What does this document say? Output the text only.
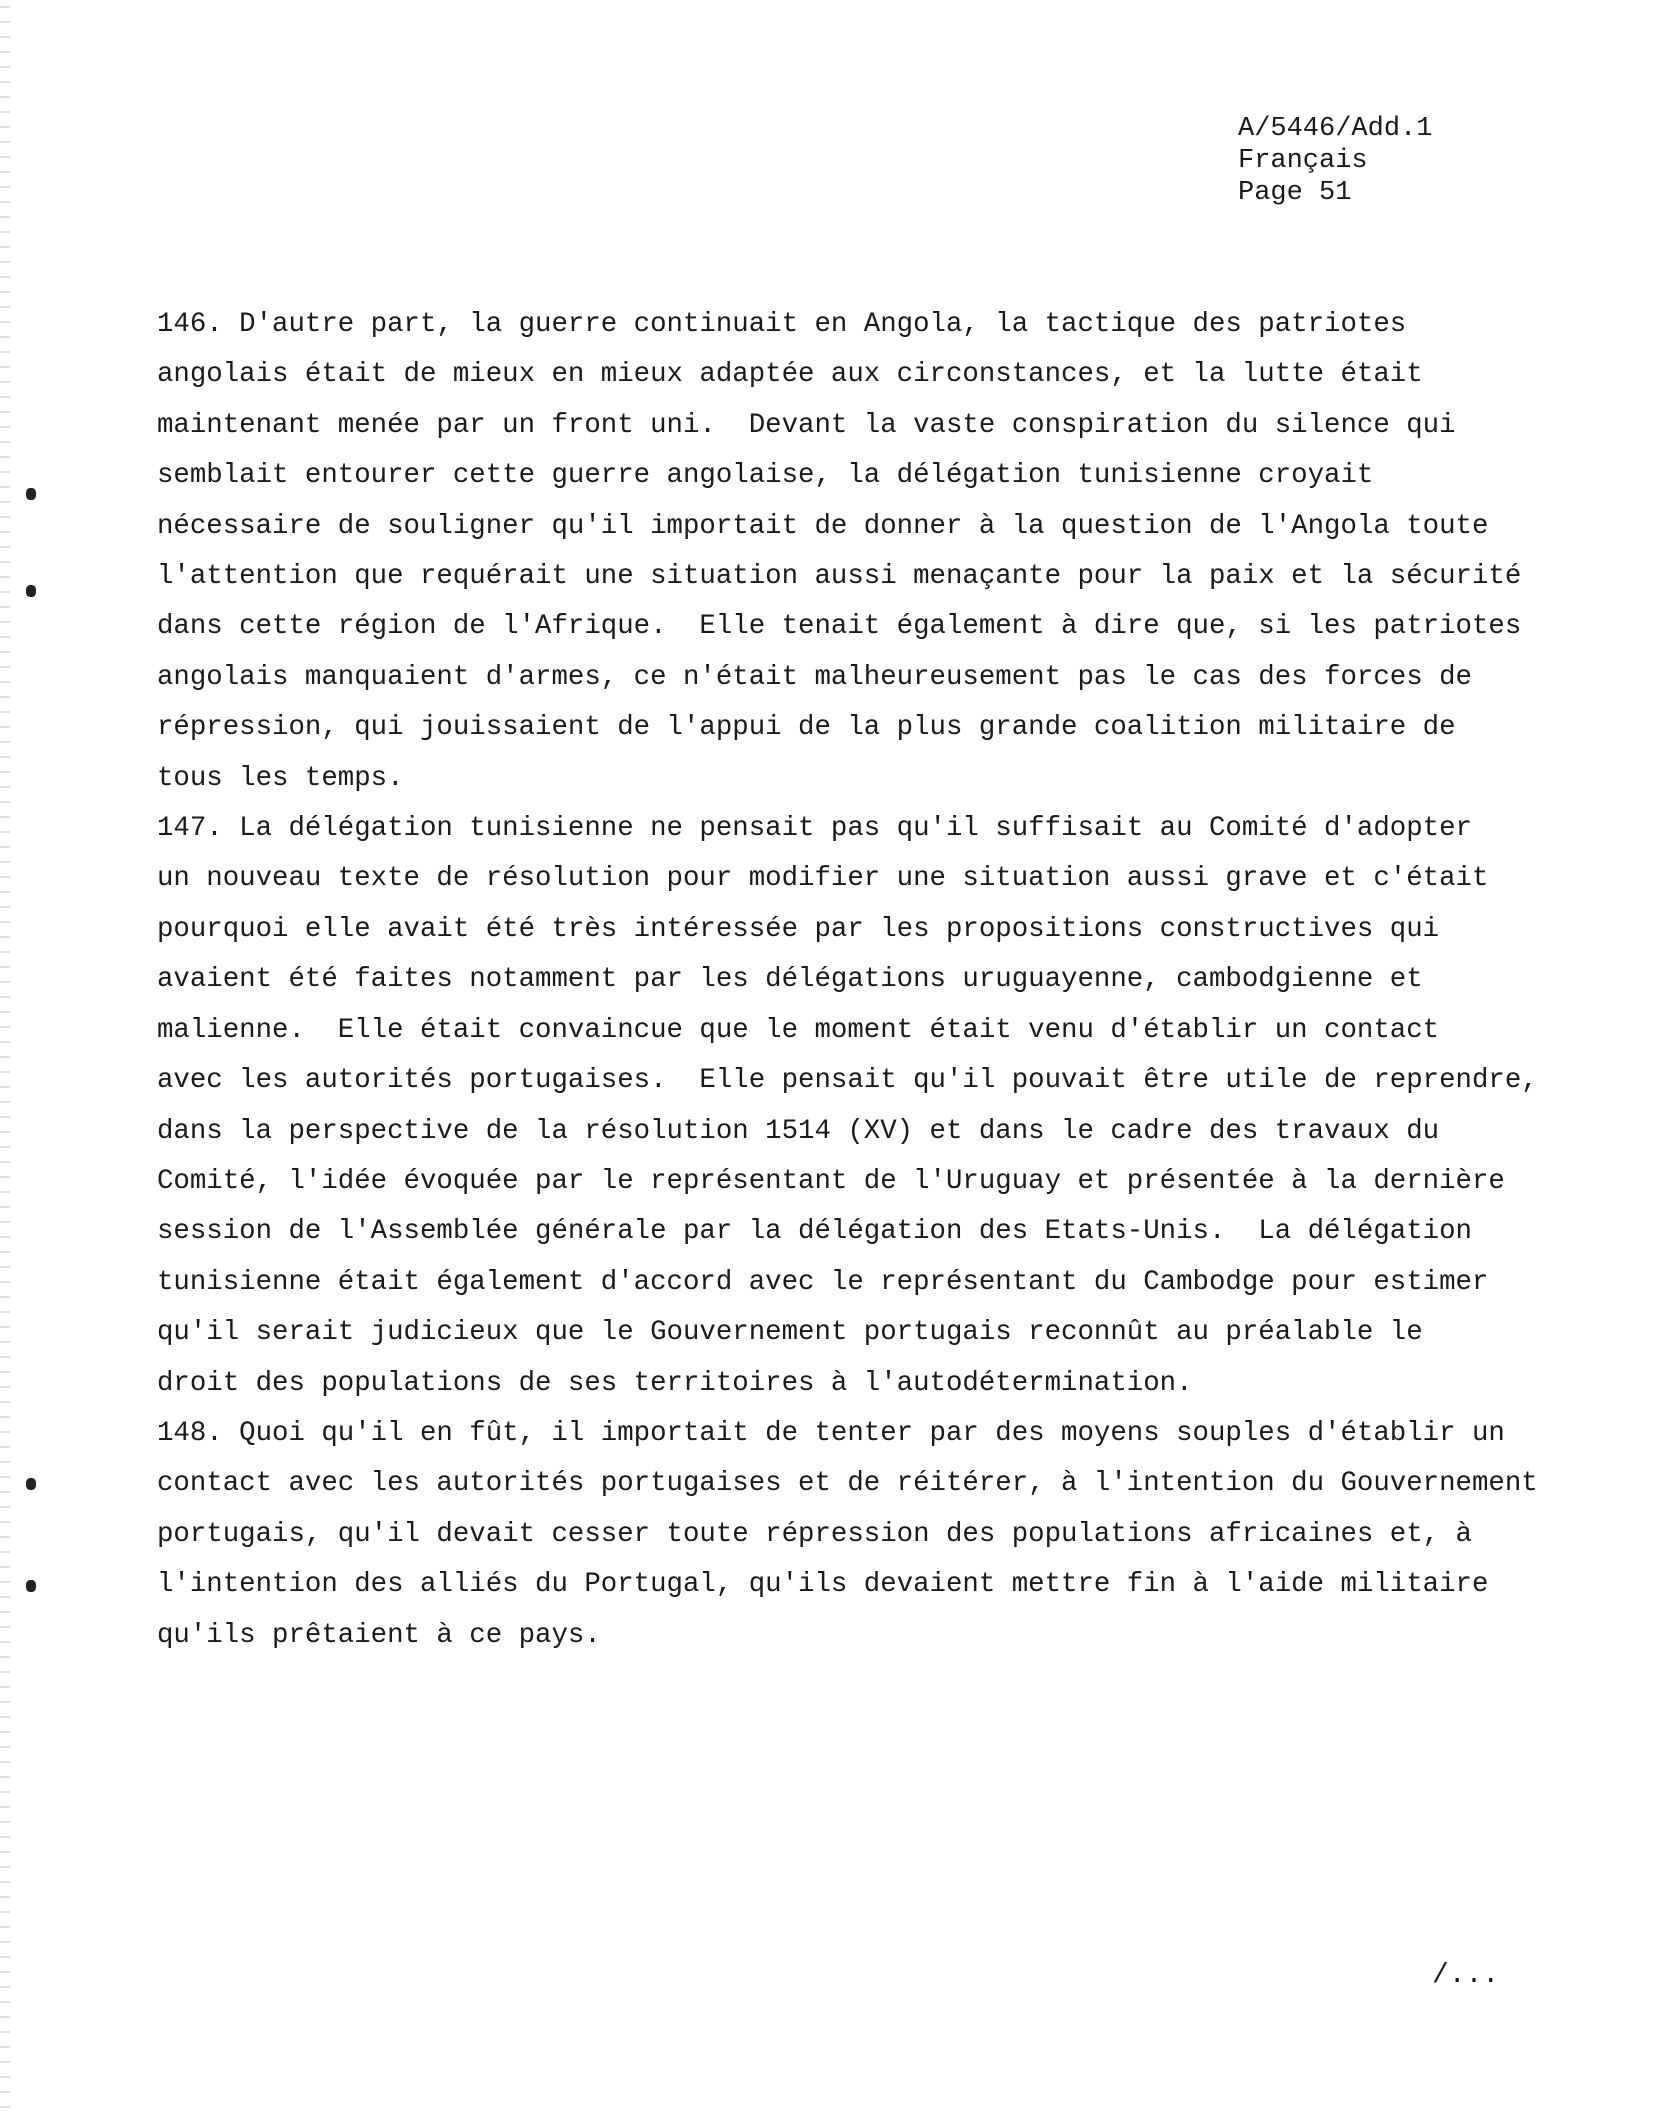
A/5446/Add.1
Français
Page 51
146. D'autre part, la guerre continuait en Angola, la tactique des patriotes
angolais était de mieux en mieux adaptée aux circonstances, et la lutte était
maintenant menée par un front uni.  Devant la vaste conspiration du silence qui
semblait entourer cette guerre angolaise, la délégation tunisienne croyait
nécessaire de souligner qu'il importait de donner à la question de l'Angola toute
l'attention que requérait une situation aussi menaçante pour la paix et la sécurité
dans cette région de l'Afrique.  Elle tenait également à dire que, si les patriotes
angolais manquaient d'armes, ce n'était malheureusement pas le cas des forces de
répression, qui jouissaient de l'appui de la plus grande coalition militaire de
tous les temps.
147. La délégation tunisienne ne pensait pas qu'il suffisait au Comité d'adopter
un nouveau texte de résolution pour modifier une situation aussi grave et c'était
pourquoi elle avait été très intéressée par les propositions constructives qui
avaient été faites notamment par les délégations uruguayenne, cambodgienne et
malienne.  Elle était convaincue que le moment était venu d'établir un contact
avec les autorités portugaises.  Elle pensait qu'il pouvait être utile de reprendre,
dans la perspective de la résolution 1514 (XV) et dans le cadre des travaux du
Comité, l'idée évoquée par le représentant de l'Uruguay et présentée à la dernière
session de l'Assemblée générale par la délégation des Etats-Unis.  La délégation
tunisienne était également d'accord avec le représentant du Cambodge pour estimer
qu'il serait judicieux que le Gouvernement portugais reconnût au préalable le
droit des populations de ses territoires à l'autodétermination.
148. Quoi qu'il en fût, il importait de tenter par des moyens souples d'établir un
contact avec les autorités portugaises et de réitérer, à l'intention du Gouvernement
portugais, qu'il devait cesser toute répression des populations africaines et, à
l'intention des alliés du Portugal, qu'ils devaient mettre fin à l'aide militaire
qu'ils prêtaient à ce pays.
/...
